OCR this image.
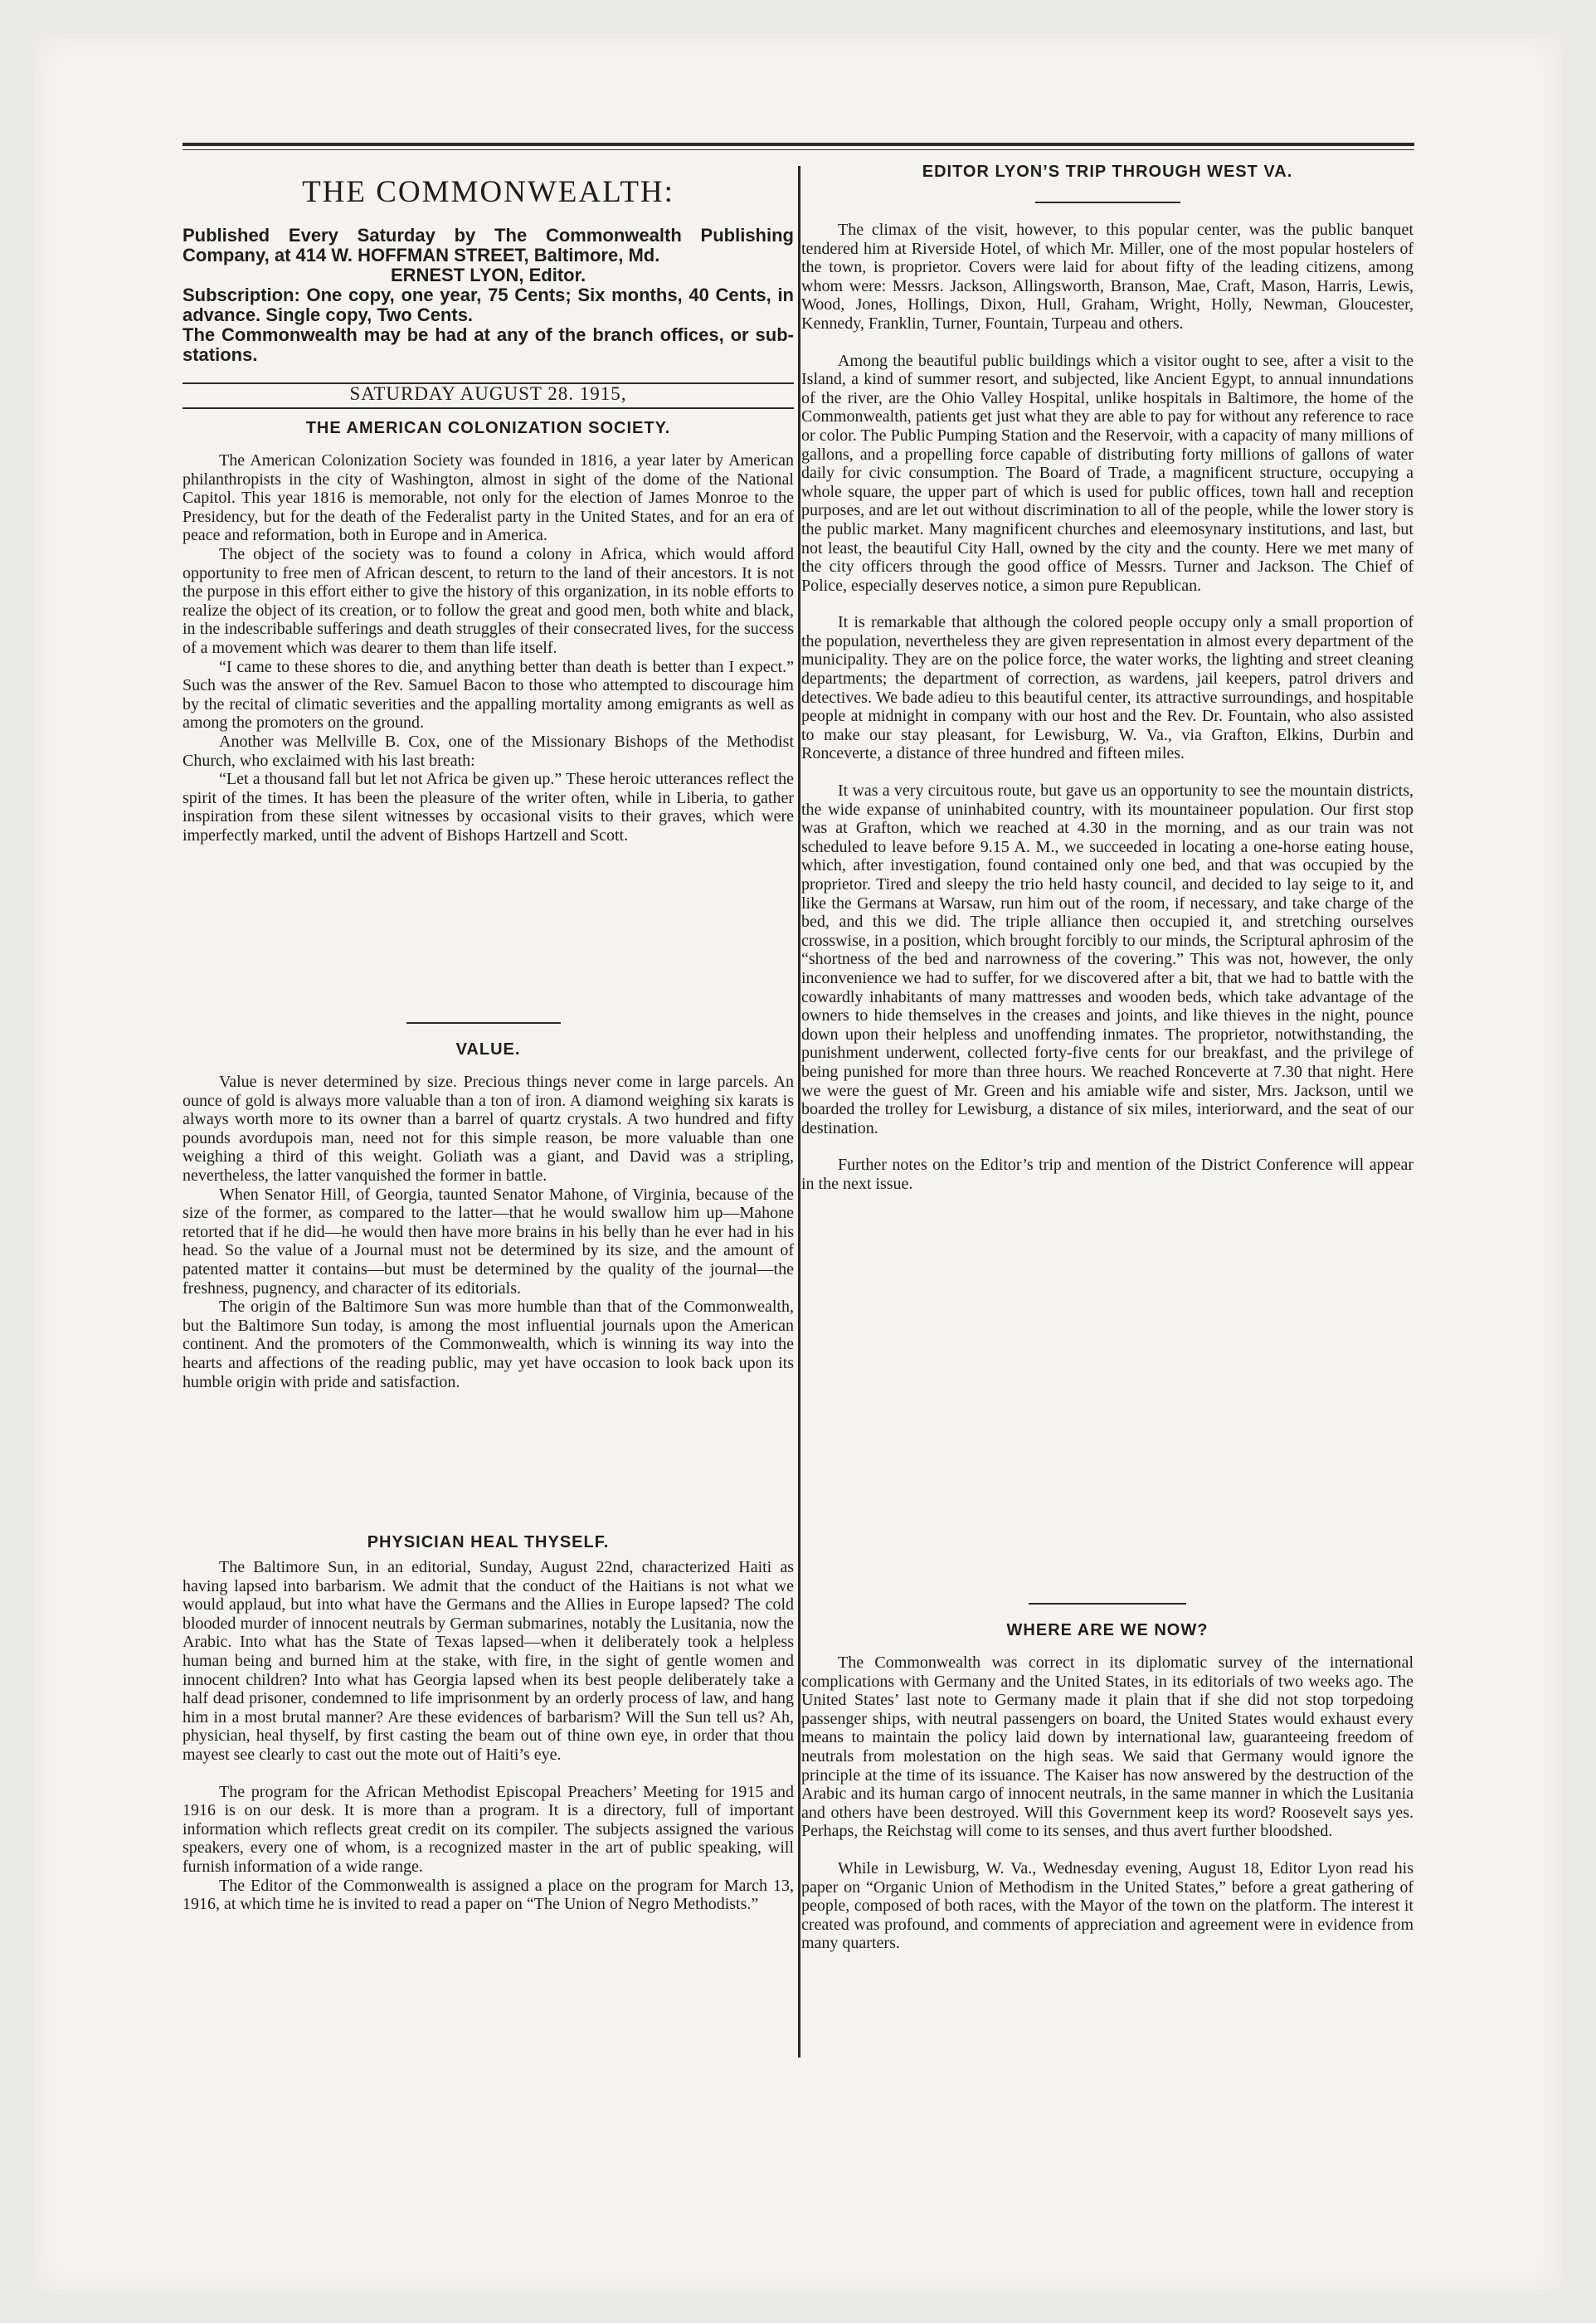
THE COMMONWEALTH:

Published Every Saturday by The Commonwealth Publishing Company, at 414 W. HOFFMAN STREET, Baltimore, Md.

ERNEST LYON, Editor.

Subscription: One copy, one year, 75 Cents; Six months, 40 Cents, in advance. Single copy, Two Cents.

The Commonwealth may be had at any of the branch offices, or sub-stations.

SATURDAY AUGUST 28. 1915,
THE AMERICAN COLONIZATION SOCIETY.

The American Colonization Society was founded in 1816, a year later by American philanthropists in the city of Washington, almost in sight of the dome of the National Capitol. This year 1816 is memorable, not only for the election of James Monroe to the Presidency, but for the death of the Federalist party in the United States, and for an era of peace and reformation, both in Europe and in America.

The object of the society was to found a colony in Africa, which would afford opportunity to free men of African descent, to return to the land of their ancestors. It is not the purpose in this effort either to give the history of this organization, in its noble efforts to realize the object of its creation, or to follow the great and good men, both white and black, in the indescribable sufferings and death struggles of their consecrated lives, for the success of a movement which was dearer to them than life itself.

“I came to these shores to die, and anything better than death is better than I expect.” Such was the answer of the Rev. Samuel Bacon to those who attempted to discourage him by the recital of climatic severities and the appalling mortality among emigrants as well as among the promoters on the ground.

Another was Mellville B. Cox, one of the Missionary Bishops of the Methodist Church, who exclaimed with his last breath:

“Let a thousand fall but let not Africa be given up.” These heroic utterances reflect the spirit of the times. It has been the pleasure of the writer often, while in Liberia, to gather inspiration from these silent witnesses by occasional visits to their graves, which were imperfectly marked, until the advent of Bishops Hartzell and Scott.

VALUE.

Value is never determined by size. Precious things never come in large parcels. An ounce of gold is always more valuable than a ton of iron. A diamond weighing six karats is always worth more to its owner than a barrel of quartz crystals. A two hundred and fifty pounds avordupois man, need not for this simple reason, be more valuable than one weighing a third of this weight. Goliath was a giant, and David was a stripling, nevertheless, the latter vanquished the former in battle.

When Senator Hill, of Georgia, taunted Senator Mahone, of Virginia, because of the size of the former, as compared to the latter—that he would swallow him up—Mahone retorted that if he did—he would then have more brains in his belly than he ever had in his head. So the value of a Journal must not be determined by its size, and the amount of patented matter it contains—but must be determined by the quality of the journal—the freshness, pugnency, and character of its editorials.

The origin of the Baltimore Sun was more humble than that of the Commonwealth, but the Baltimore Sun today, is among the most influential journals upon the American continent. And the promoters of the Commonwealth, which is winning its way into the hearts and affections of the reading public, may yet have occasion to look back upon its humble origin with pride and satisfaction.

PHYSICIAN HEAL THYSELF.

The Baltimore Sun, in an editorial, Sunday, August 22nd, characterized Haiti as having lapsed into barbarism. We admit that the conduct of the Haitians is not what we would applaud, but into what have the Germans and the Allies in Europe lapsed? The cold blooded murder of innocent neutrals by German submarines, notably the Lusitania, now the Arabic. Into what has the State of Texas lapsed—when it deliberately took a helpless human being and burned him at the stake, with fire, in the sight of gentle women and innocent children? Into what has Georgia lapsed when its best people deliberately take a half dead prisoner, condemned to life imprisonment by an orderly process of law, and hang him in a most brutal manner? Are these evidences of barbarism? Will the Sun tell us? Ah, physician, heal thyself, by first casting the beam out of thine own eye, in order that thou mayest see clearly to cast out the mote out of Haiti’s eye.

The program for the African Methodist Episcopal Preachers’ Meeting for 1915 and 1916 is on our desk. It is more than a program. It is a directory, full of important information which reflects great credit on its compiler. The subjects assigned the various speakers, every one of whom, is a recognized master in the art of public speaking, will furnish information of a wide range.

The Editor of the Commonwealth is assigned a place on the program for March 13, 1916, at which time he is invited to read a paper on “The Union of Negro Methodists.”

EDITOR LYON’S TRIP THROUGH WEST VA.

The climax of the visit, however, to this popular center, was the public banquet tendered him at Riverside Hotel, of which Mr. Miller, one of the most popular hostelers of the town, is proprietor. Covers were laid for about fifty of the leading citizens, among whom were: Messrs. Jackson, Allingsworth, Branson, Mae, Craft, Mason, Harris, Lewis, Wood, Jones, Hollings, Dixon, Hull, Graham, Wright, Holly, Newman, Gloucester, Kennedy, Franklin, Turner, Fountain, Turpeau and others.

Among the beautiful public buildings which a visitor ought to see, after a visit to the Island, a kind of summer resort, and subjected, like Ancient Egypt, to annual innundations of the river, are the Ohio Valley Hospital, unlike hospitals in Baltimore, the home of the Commonwealth, patients get just what they are able to pay for without any reference to race or color. The Public Pumping Station and the Reservoir, with a capacity of many millions of gallons, and a propelling force capable of distributing forty millions of gallons of water daily for civic consumption. The Board of Trade, a magnificent structure, occupying a whole square, the upper part of which is used for public offices, town hall and reception purposes, and are let out without discrimination to all of the people, while the lower story is the public market. Many magnificent churches and eleemosynary institutions, and last, but not least, the beautiful City Hall, owned by the city and the county. Here we met many of the city officers through the good office of Messrs. Turner and Jackson. The Chief of Police, especially deserves notice, a simon pure Republican.

It is remarkable that although the colored people occupy only a small proportion of the population, nevertheless they are given representation in almost every department of the municipality. They are on the police force, the water works, the lighting and street cleaning departments; the department of correction, as wardens, jail keepers, patrol drivers and detectives. We bade adieu to this beautiful center, its attractive surroundings, and hospitable people at midnight in company with our host and the Rev. Dr. Fountain, who also assisted to make our stay pleasant, for Lewisburg, W. Va., via Grafton, Elkins, Durbin and Ronceverte, a distance of three hundred and fifteen miles.

It was a very circuitous route, but gave us an opportunity to see the mountain districts, the wide expanse of uninhabited country, with its mountaineer population. Our first stop was at Grafton, which we reached at 4.30 in the morning, and as our train was not scheduled to leave before 9.15 A. M., we succeeded in locating a one-horse eating house, which, after investigation, found contained only one bed, and that was occupied by the proprietor. Tired and sleepy the trio held hasty council, and decided to lay seige to it, and like the Germans at Warsaw, run him out of the room, if necessary, and take charge of the bed, and this we did. The triple alliance then occupied it, and stretching ourselves crosswise, in a position, which brought forcibly to our minds, the Scriptural aphrosim of the “shortness of the bed and narrowness of the covering.” This was not, however, the only inconvenience we had to suffer, for we discovered after a bit, that we had to battle with the cowardly inhabitants of many mattresses and wooden beds, which take advantage of the owners to hide themselves in the creases and joints, and like thieves in the night, pounce down upon their helpless and unoffending inmates. The proprietor, notwithstanding, the punishment underwent, collected forty-five cents for our breakfast, and the privilege of being punished for more than three hours. We reached Ronceverte at 7.30 that night. Here we were the guest of Mr. Green and his amiable wife and sister, Mrs. Jackson, until we boarded the trolley for Lewisburg, a distance of six miles, interiorward, and the seat of our destination.

Further notes on the Editor’s trip and mention of the District Conference will appear in the next issue.

WHERE ARE WE NOW?

The Commonwealth was correct in its diplomatic survey of the international complications with Germany and the United States, in its editorials of two weeks ago. The United States’ last note to Germany made it plain that if she did not stop torpedoing passenger ships, with neutral passengers on board, the United States would exhaust every means to maintain the policy laid down by international law, guaranteeing freedom of neutrals from molestation on the high seas. We said that Germany would ignore the principle at the time of its issuance. The Kaiser has now answered by the destruction of the Arabic and its human cargo of innocent neutrals, in the same manner in which the Lusitania and others have been destroyed. Will this Government keep its word? Roosevelt says yes. Perhaps, the Reichstag will come to its senses, and thus avert further bloodshed.

While in Lewisburg, W. Va., Wednesday evening, August 18, Editor Lyon read his paper on “Organic Union of Methodism in the United States,” before a great gathering of people, composed of both races, with the Mayor of the town on the platform. The interest it created was profound, and comments of appreciation and agreement were in evidence from many quarters.
